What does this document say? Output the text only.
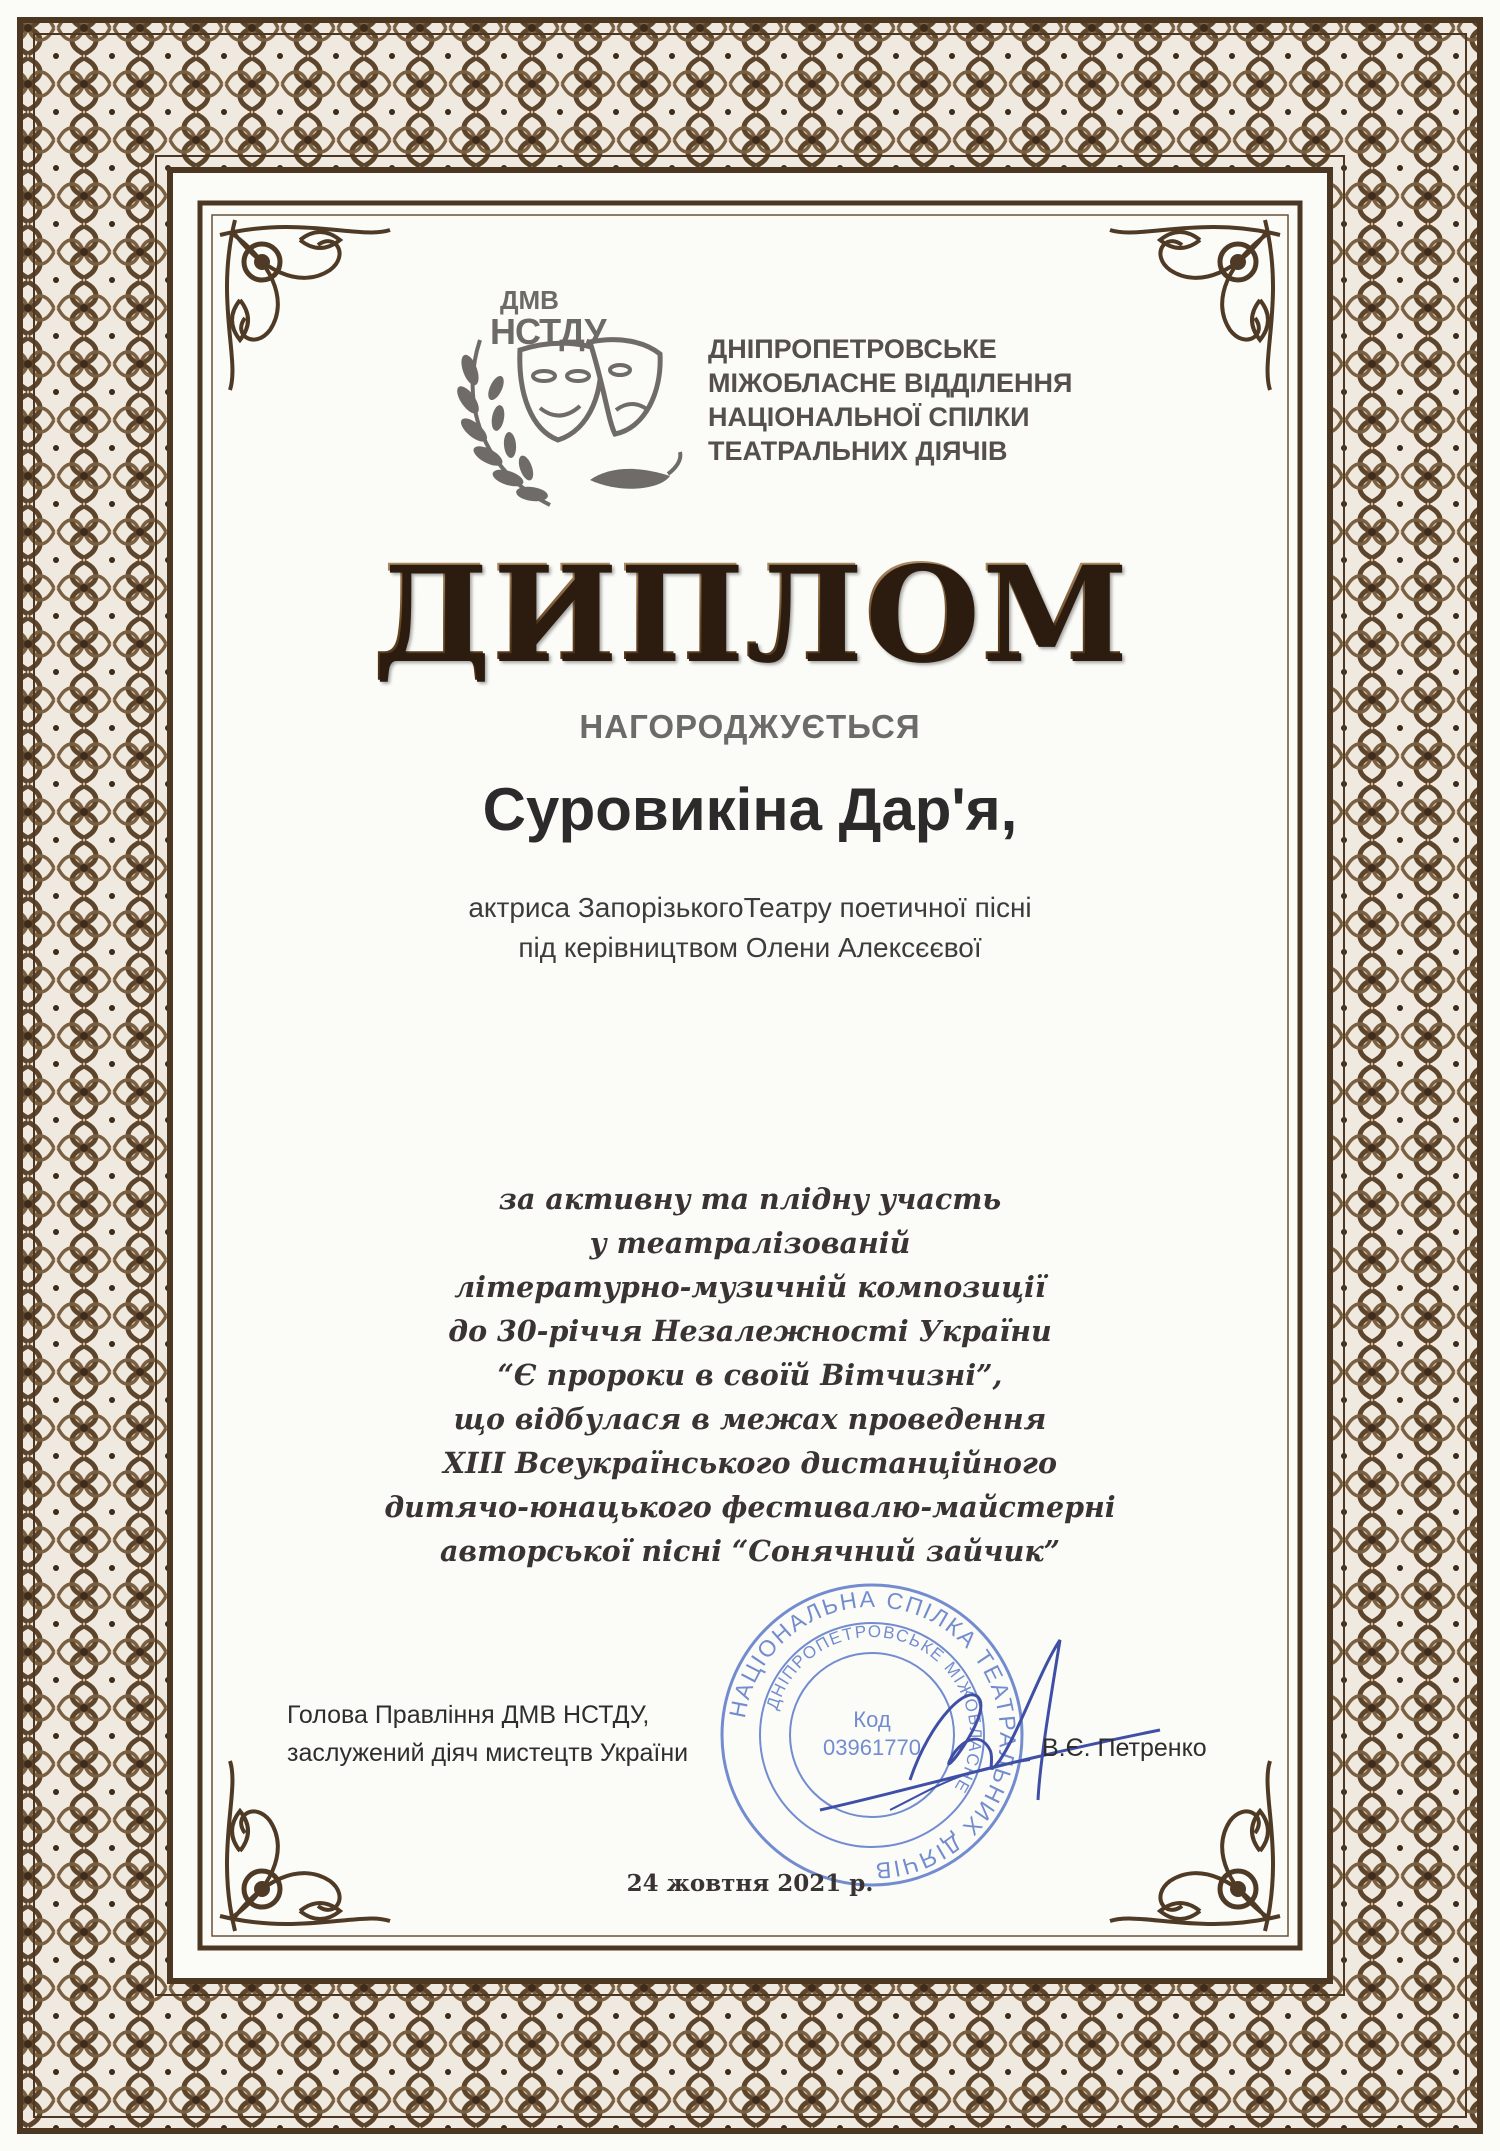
ДМВ
НСТДУ	ДНІПРОПЕТРОВСЬКЕ
МІЖОБЛАСНЕ ВІДДІЛЕННЯ
НАЦІОНАЛЬНОЇ СПІЛКИ
ТЕАТРАЛЬНИХ ДІЯЧІВ
ДИПЛОМ
НАГОРОДЖУЄТЬСЯ
Суровикіна Дар'я,
актриса ЗапорізькогоТеатру поетичної пісні
під керівництвом Олени Алексєєвої
за активну та плідну участь
у театралізованій
літературно-музичній композиції
до 30-річчя Незалежності України
“Є пророки в своїй Вітчизні”,
що відбулася в межах проведення
XIII Всеукраїнського дистанційного
дитячо-юнацького фестивалю-майстерні
авторської пісні “Сонячний зайчик”
Голова Правління ДМВ НСТДУ,
заслужений діяч мистецтв України
НАЦІОНАЛЬНА СПІЛКА ТЕАТРАЛЬНИХ ДІЯЧІВ
ДНІПРОПЕТРОВСЬКЕ МІЖОБЛАСНЕ
Код
03961770	В.Є. Петренко
24 жовтня 2021 р.
